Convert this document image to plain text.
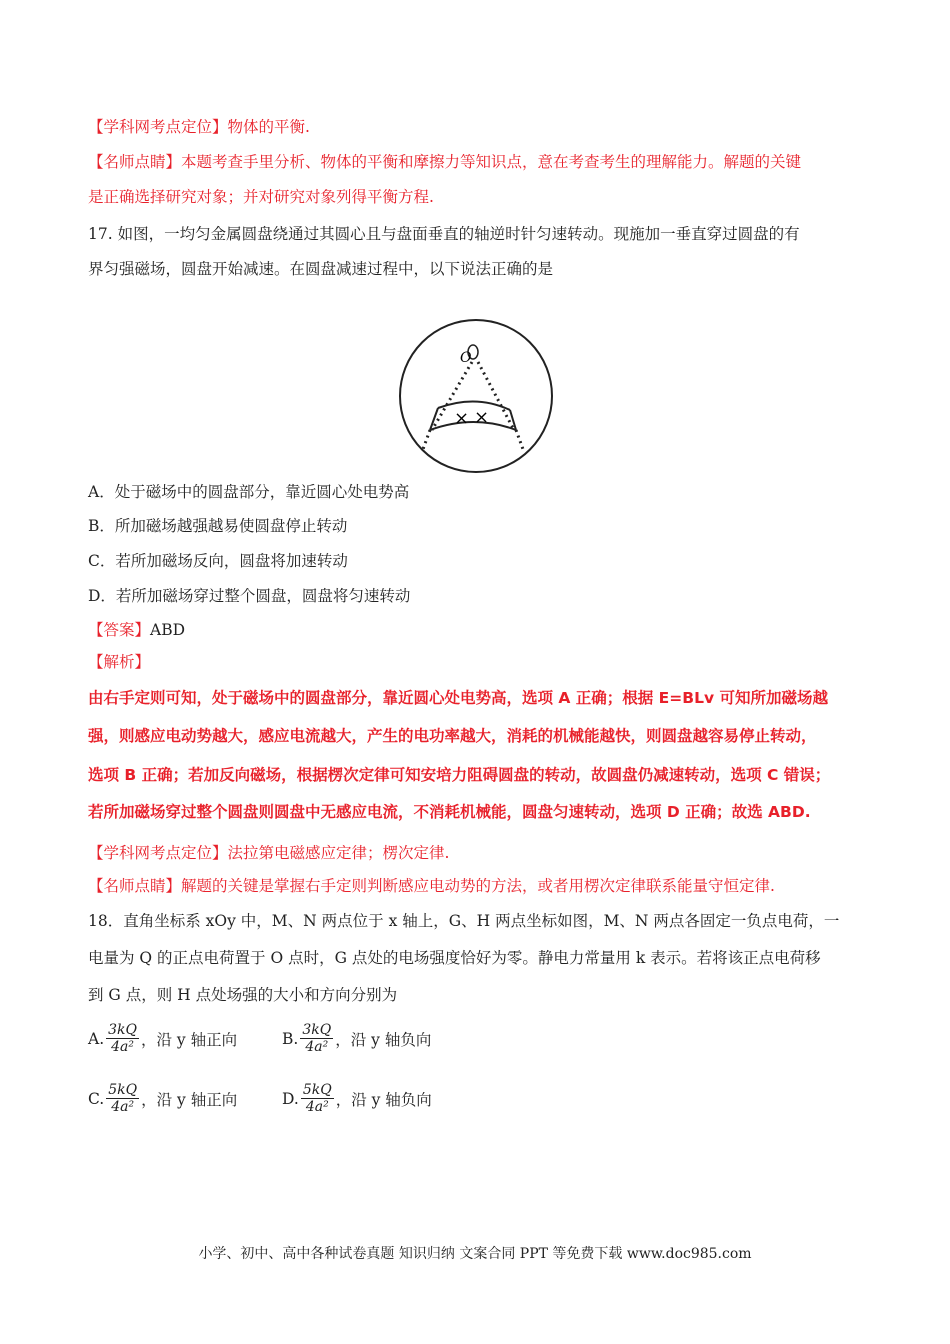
【学科网考点定位】物体的平衡.
【名师点睛】本题考查手里分析、物体的平衡和摩擦力等知识点，意在考查考生的理解能力。解题的关键
是正确选择研究对象；并对研究对象列得平衡方程.
17. 如图，一均匀金属圆盘绕通过其圆心且与盘面垂直的轴逆时针匀速转动。现施加一垂直穿过圆盘的有
界匀强磁场，圆盘开始减速。在圆盘减速过程中，以下说法正确的是
O
× ×
A．处于磁场中的圆盘部分，靠近圆心处电势高
B．所加磁场越强越易使圆盘停止转动
C．若所加磁场反向，圆盘将加速转动
D．若所加磁场穿过整个圆盘，圆盘将匀速转动
【答案】ABD
【解析】
由右手定则可知，处于磁场中的圆盘部分，靠近圆心处电势高，选项 A 正确；根据 E=BLv 可知所加磁场越
强，则感应电动势越大，感应电流越大，产生的电功率越大，消耗的机械能越快，则圆盘越容易停止转动，
选项 B 正确；若加反向磁场，根据楞次定律可知安培力阻碍圆盘的转动，故圆盘仍减速转动，选项 C 错误；
若所加磁场穿过整个圆盘则圆盘中无感应电流，不消耗机械能，圆盘匀速转动，选项 D 正确；故选 ABD.
【学科网考点定位】法拉第电磁感应定律；楞次定律.
【名师点睛】解题的关键是掌握右手定则判断感应电动势的方法，或者用楞次定律联系能量守恒定律.
18．直角坐标系 xOy 中，M、N 两点位于 x 轴上，G、H 两点坐标如图，M、N 两点各固定一负点电荷，一
电量为 Q 的正点电荷置于 O 点时，G 点处的电场强度恰好为零。静电力常量用 k 表示。若将该正点电荷移
到 G 点，则 H 点处场强的大小和方向分别为
A. $\frac{3kQ}{\text{4a²}}$ ，沿 y 轴正向	B. $\frac{3kQ}{\text{4a²}}$ ，沿 y 轴负向
C. $\frac{5kQ}{\text{4a²}}$ ，沿 y 轴正向	D. $\frac{5kQ}{\text{4a²}}$ ，沿 y 轴负向
小学、初中、高中各种试卷真题 知识归纳 文案合同 PPT 等免费下载 www.doc985.com
